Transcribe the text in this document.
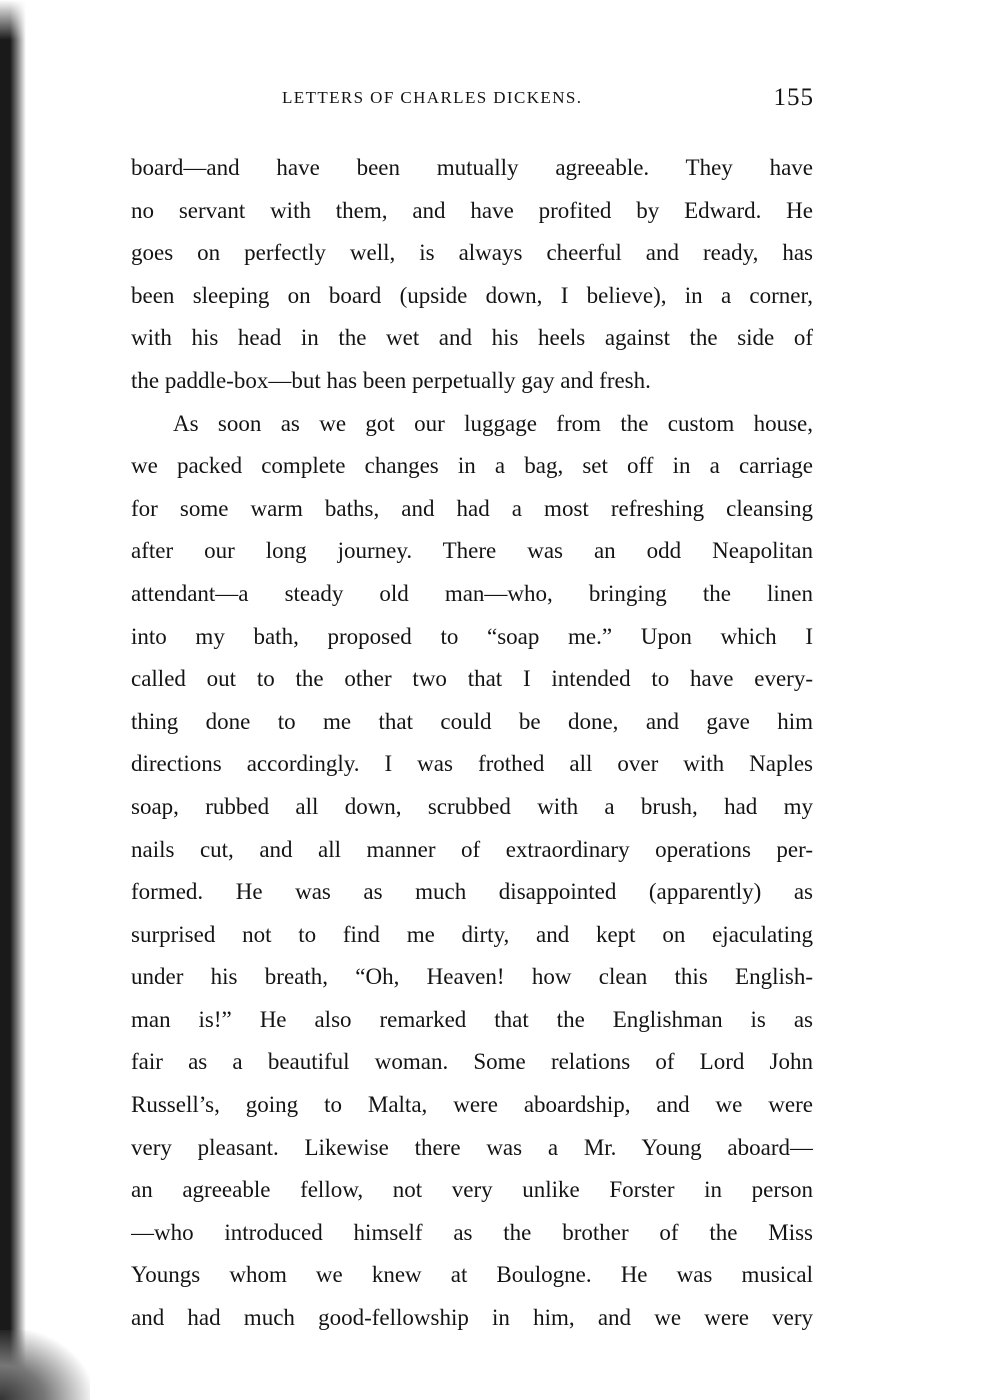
LETTERS OF CHARLES DICKENS.	155
board—and have been mutually agreeable. They have
no servant with them, and have profited by Edward. He
goes on perfectly well, is always cheerful and ready, has
been sleeping on board (upside down, I believe), in a corner,
with his head in the wet and his heels against the side of
the paddle-box—but has been perpetually gay and fresh.
As soon as we got our luggage from the custom house,
we packed complete changes in a bag, set off in a carriage
for some warm baths, and had a most refreshing cleansing
after our long journey. There was an odd Neapolitan
attendant—a steady old man—who, bringing the linen
into my bath, proposed to “soap me.” Upon which I
called out to the other two that I intended to have every-
thing done to me that could be done, and gave him
directions accordingly. I was frothed all over with Naples
soap, rubbed all down, scrubbed with a brush, had my
nails cut, and all manner of extraordinary operations per-
formed. He was as much disappointed (apparently) as
surprised not to find me dirty, and kept on ejaculating
under his breath, “Oh, Heaven! how clean this English-
man is!” He also remarked that the Englishman is as
fair as a beautiful woman. Some relations of Lord John
Russell’s, going to Malta, were aboardship, and we were
very pleasant. Likewise there was a Mr. Young aboard—
an agreeable fellow, not very unlike Forster in person
—who introduced himself as the brother of the Miss
Youngs whom we knew at Boulogne. He was musical
and had much good-fellowship in him, and we were very
